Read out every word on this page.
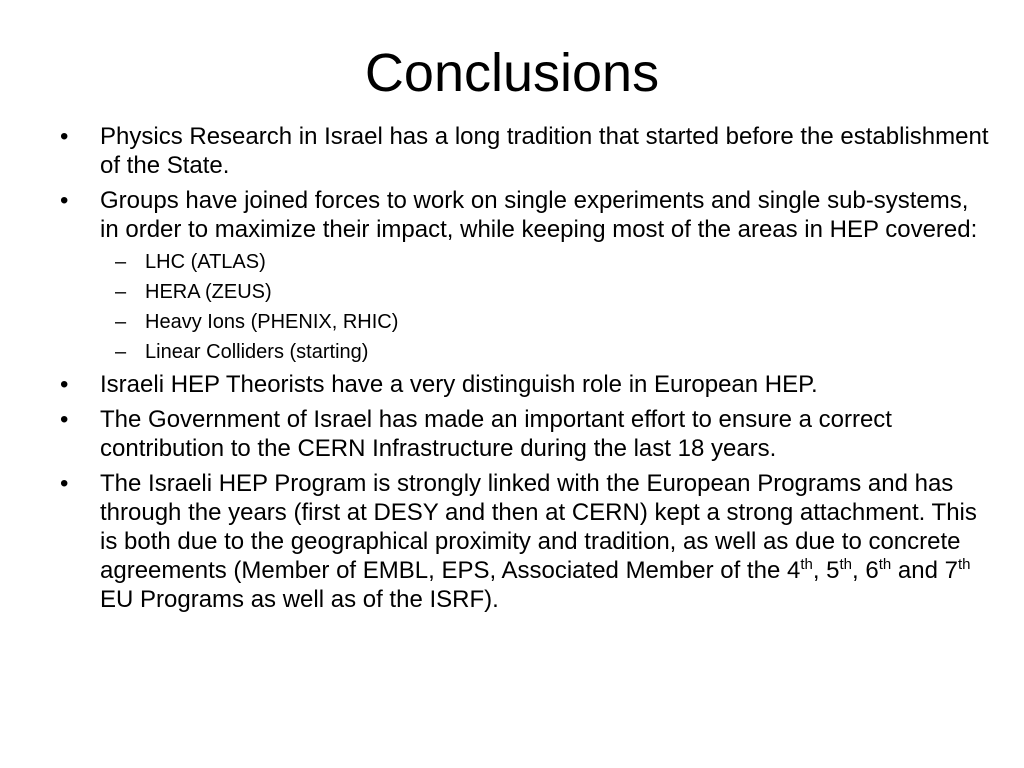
Conclusions
•	Physics Research in Israel has a long tradition that started before the establishment of the State.
•	Groups have joined forces to work on single experiments and single sub-systems, in order to maximize their impact, while keeping most of the areas in HEP covered:
– LHC (ATLAS)
– HERA (ZEUS)
– Heavy Ions (PHENIX, RHIC)
– Linear Colliders (starting)
•	Israeli HEP Theorists have a very distinguish role in European HEP.
•	The Government of Israel has made an important effort to ensure a correct contribution to the CERN Infrastructure during the last 18 years.
•	The Israeli HEP Program is strongly linked with the European Programs and has through the years (first at DESY and then at CERN) kept a strong attachment. This is both due to the geographical proximity and tradition, as well as due to concrete agreements (Member of EMBL, EPS, Associated Member of the 4th, 5th, 6th and 7th EU Programs as well as of the ISRF).
